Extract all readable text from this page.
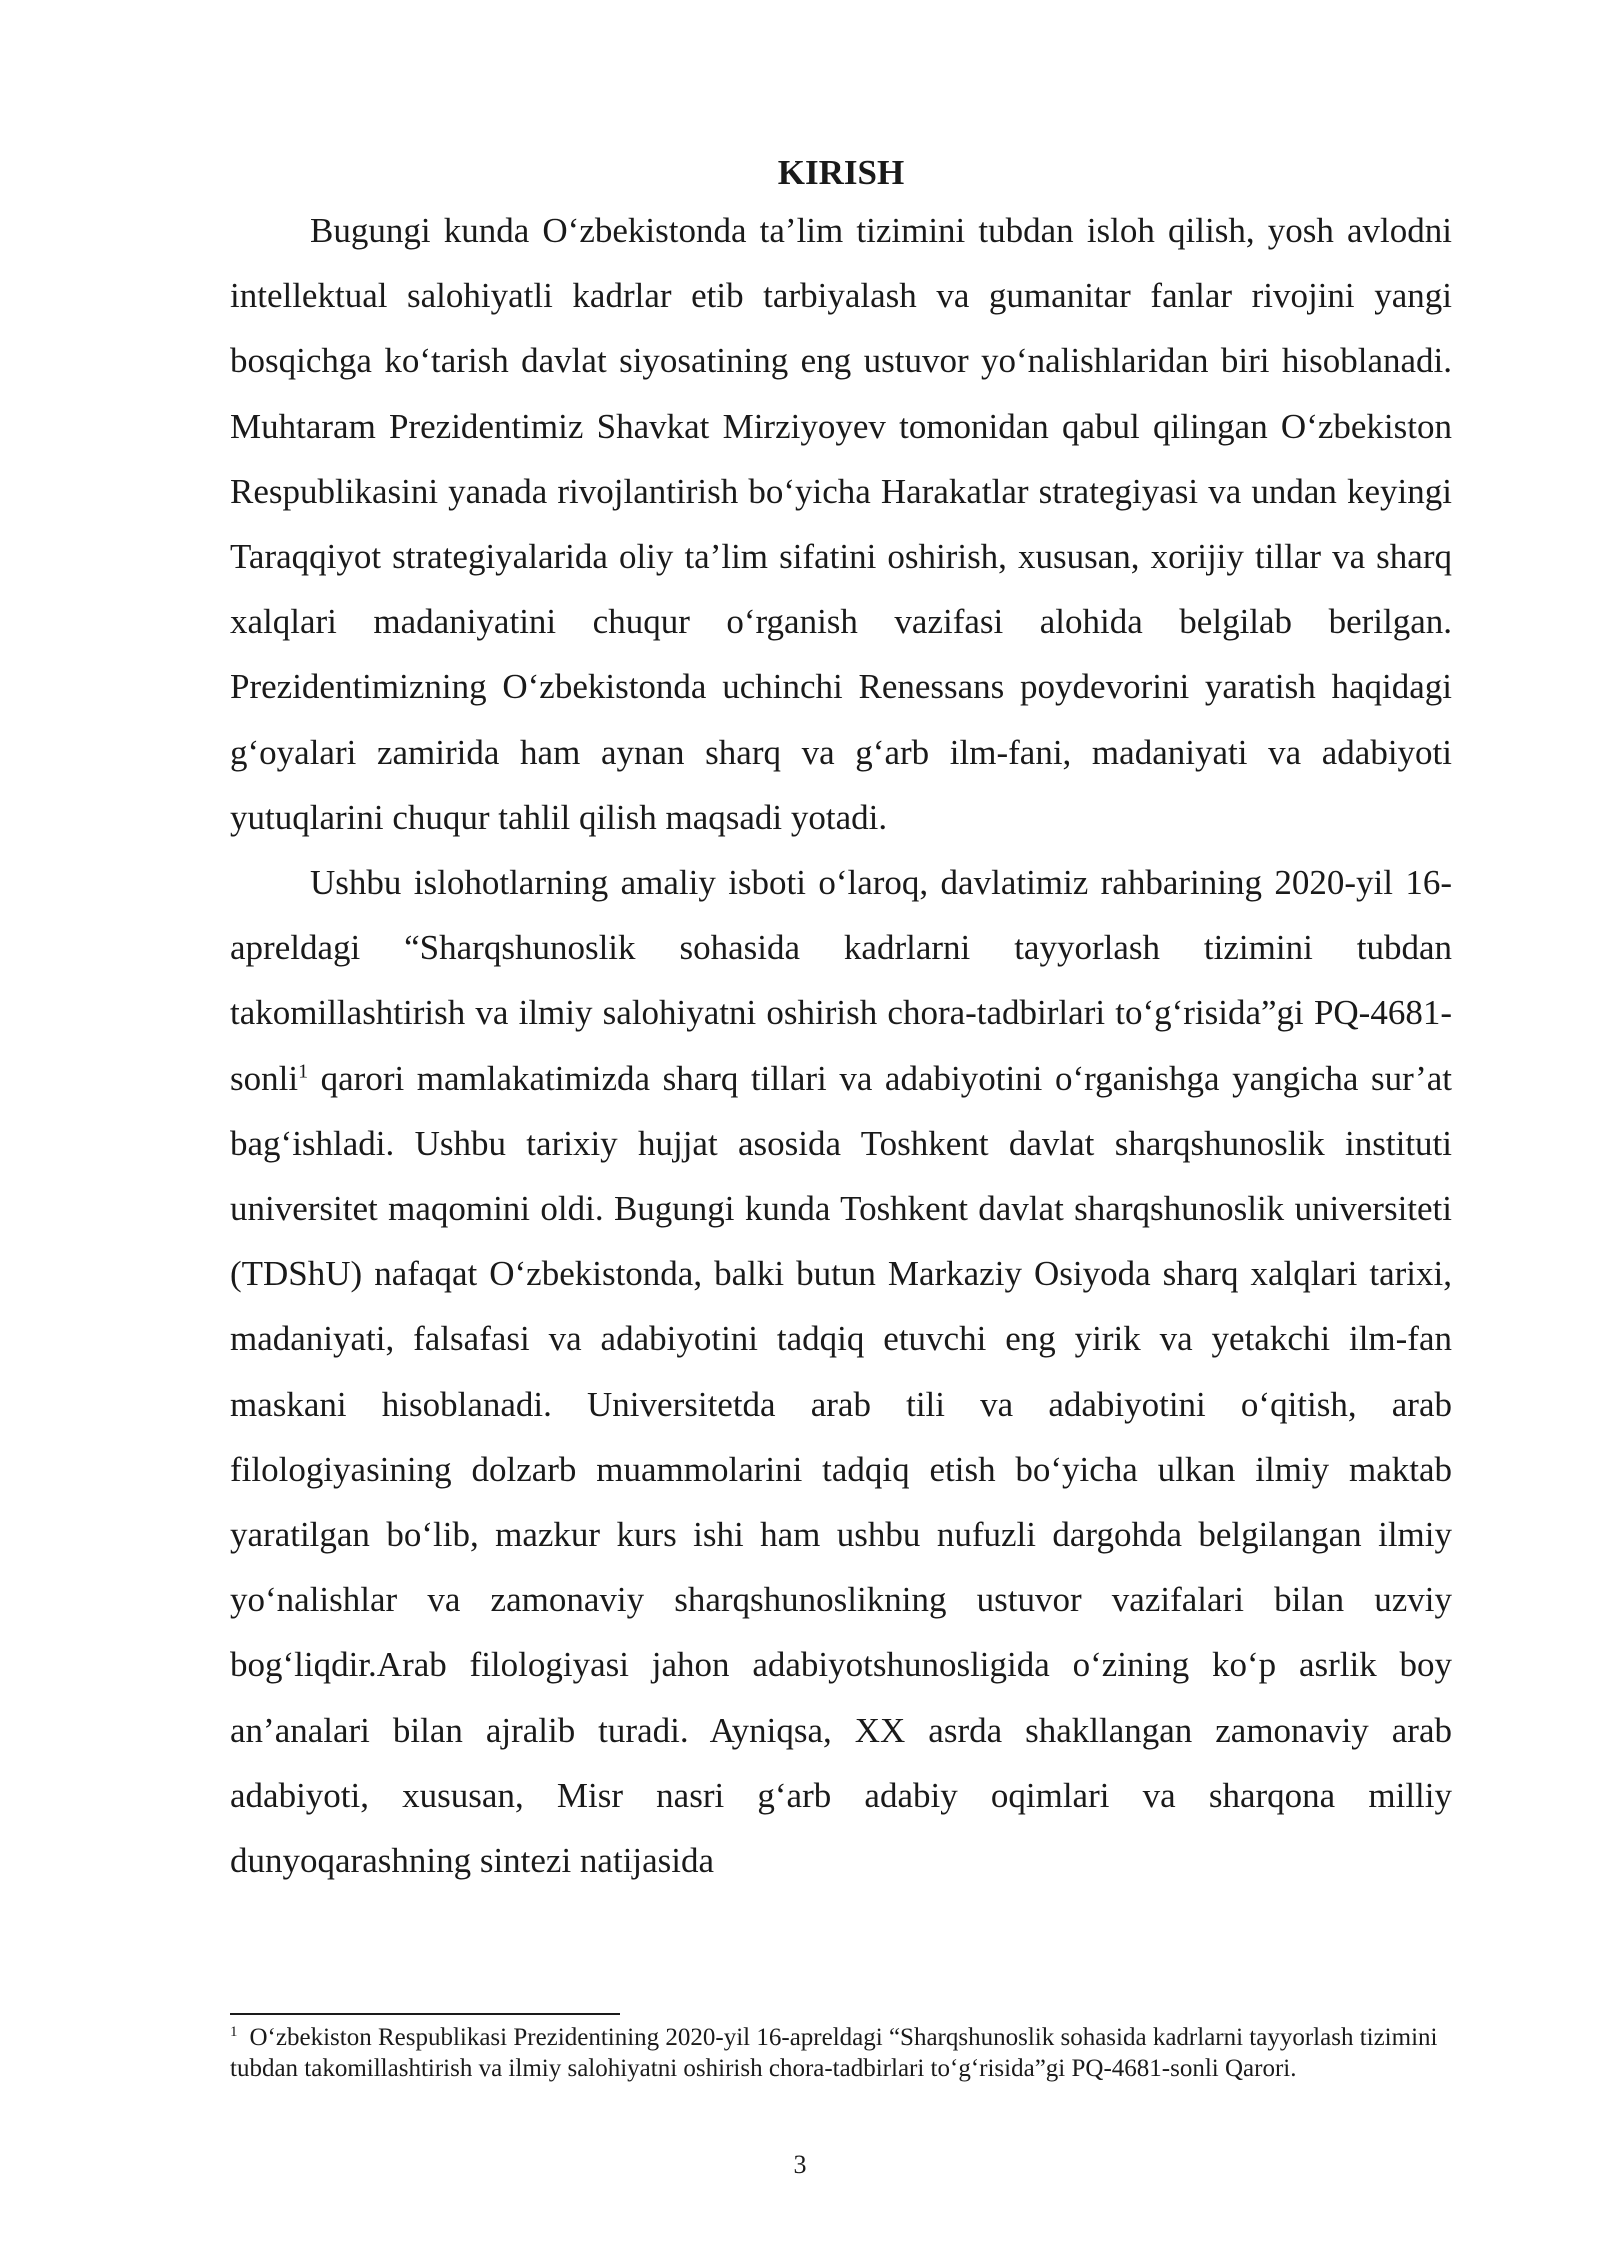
KIRISH

Bugungi kunda O‘zbekistonda ta’lim tizimini tubdan isloh qilish, yosh avlodni intellektual salohiyatli kadrlar etib tarbiyalash va gumanitar fanlar rivojini yangi bosqichga ko‘tarish davlat siyosatining eng ustuvor yo‘nalishlaridan biri hisoblanadi. Muhtaram Prezidentimiz Shavkat Mirziyoyev tomonidan qabul qilingan O‘zbekiston Respublikasini yanada rivojlantirish bo‘yicha Harakatlar strategiyasi va undan keyingi Taraqqiyot strategiyalarida oliy ta’lim sifatini oshirish, xususan, xorijiy tillar va sharq xalqlari madaniyatini chuqur o‘rganish vazifasi alohida belgilab berilgan. Prezidentimizning O‘zbekistonda uchinchi Renessans poydevorini yaratish haqidagi g‘oyalari zamirida ham aynan sharq va g‘arb ilm-fani, madaniyati va adabiyoti yutuqlarini chuqur tahlil qilish maqsadi yotadi.

Ushbu islohotlarning amaliy isboti o‘laroq, davlatimiz rahbarining 2020-yil 16-apreldagi “Sharqshunoslik sohasida kadrlarni tayyorlash tizimini tubdan takomillashtirish va ilmiy salohiyatni oshirish chora-tadbirlari to‘g‘risida”gi PQ-4681-sonli$^1$ qarori mamlakatimizda sharq tillari va adabiyotini o‘rganishga yangicha sur’at bag‘ishladi. Ushbu tarixiy hujjat asosida Toshkent davlat sharqshunoslik instituti universitet maqomini oldi. Bugungi kunda Toshkent davlat sharqshunoslik universiteti (TDShU) nafaqat O‘zbekistonda, balki butun Markaziy Osiyoda sharq xalqlari tarixi, madaniyati, falsafasi va adabiyotini tadqiq etuvchi eng yirik va yetakchi ilm-fan maskani hisoblanadi. Universitetda arab tili va adabiyotini o‘qitish, arab filologiyasining dolzarb muammolarini tadqiq etish bo‘yicha ulkan ilmiy maktab yaratilgan bo‘lib, mazkur kurs ishi ham ushbu nufuzli dargohda belgilangan ilmiy yo‘nalishlar va zamonaviy sharqshunoslikning ustuvor vazifalari bilan uzviy bog‘liqdir.Arab filologiyasi jahon adabiyotshunosligida o‘zining ko‘p asrlik boy an’analari bilan ajralib turadi. Ayniqsa, XX asrda shakllangan zamonaviy arab adabiyoti, xususan, Misr nasri g‘arb adabiy oqimlari va sharqona milliy dunyoqarashning sintezi natijasida

$^1$ O‘zbekiston Respublikasi Prezidentining 2020-yil 16-apreldagi “Sharqshunoslik sohasida kadrlarni tayyorlash tizimini tubdan takomillashtirish va ilmiy salohiyatni oshirish chora-tadbirlari to‘g‘risida”gi PQ-4681-sonli Qarori.

3
